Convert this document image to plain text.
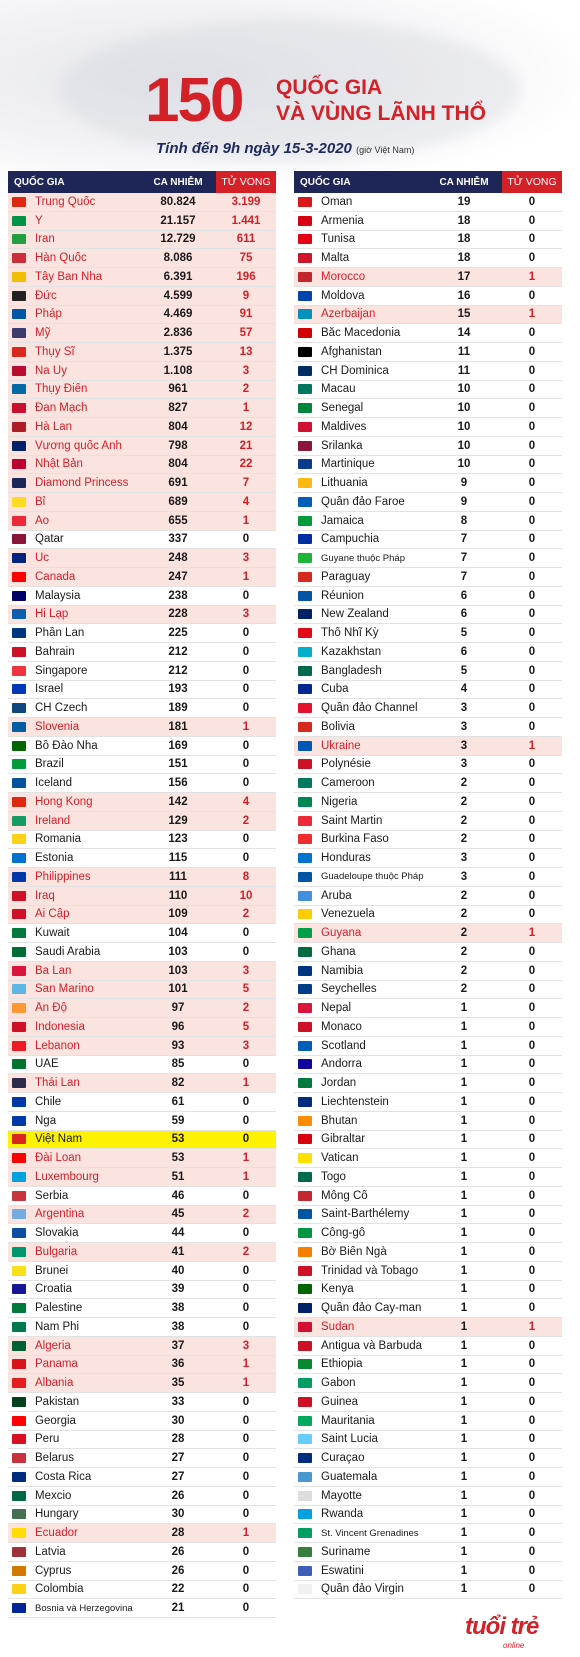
150 QUỐC GIA
VÀ VÙNG LÃNH THỔ
Tính đến 9h ngày 15-3-2020 (giờ Việt Nam)
QUỐC GIA	CA NHIỄM	TỬ VONG
Trung Quốc	80.824	3.199
Ý	21.157	1.441
Iran	12.729	611
Hàn Quốc	8.086	75
Tây Ban Nha	6.391	196
Đức	4.599	9
Pháp	4.469	91
Mỹ	2.836	57
Thụy Sĩ	1.375	13
Na Uy	1.108	3
Thụy Điển	961	2
Đan Mạch	827	1
Hà Lan	804	12
Vương quốc Anh	798	21
Nhật Bản	804	22
Diamond Princess	691	7
Bỉ	689	4
Áo	655	1
Qatar	337	0
Úc	248	3
Canada	247	1
Malaysia	238	0
Hi Lạp	228	3
Phần Lan	225	0
Bahrain	212	0
Singapore	212	0
Israel	193	0
CH Czech	189	0
Slovenia	181	1
Bồ Đào Nha	169	0
Brazil	151	0
Iceland	156	0
Hong Kong	142	4
Ireland	129	2
Romania	123	0
Estonia	115	0
Philippines	111	8
Iraq	110	10
Ai Cập	109	2
Kuwait	104	0
Saudi Arabia	103	0
Ba Lan	103	3
San Marino	101	5
Ấn Độ	97	2
Indonesia	96	5
Lebanon	93	3
UAE	85	0
Thái Lan	82	1
Chile	61	0
Nga	59	0
Việt Nam	53	0
Đài Loan	53	1
Luxembourg	51	1
Serbia	46	0
Argentina	45	2
Slovakia	44	0
Bulgaria	41	2
Brunei	40	0
Croatia	39	0
Palestine	38	0
Nam Phi	38	0
Algeria	37	3
Panama	36	1
Albania	35	1
Pakistan	33	0
Georgia	30	0
Peru	28	0
Belarus	27	0
Costa Rica	27	0
Mexcio	26	0
Hungary	30	0
Ecuador	28	1
Latvia	26	0
Cyprus	26	0
Colombia	22	0
Bosnia và Herzegovina	21	0
QUỐC GIA	CA NHIỄM	TỬ VONG
Oman	19	0
Armenia	18	0
Tunisa	18	0
Malta	18	0
Morocco	17	1
Moldova	16	0
Azerbaijan	15	1
Bắc Macedonia	14	0
Afghanistan	11	0
CH Dominica	11	0
Macau	10	0
Senegal	10	0
Maldives	10	0
Srilanka	10	0
Martinique	10	0
Lithuania	9	0
Quần đảo Faroe	9	0
Jamaica	8	0
Campuchia	7	0
Guyane thuộc Pháp	7	0
Paraguay	7	0
Réunion	6	0
New Zealand	6	0
Thổ Nhĩ Kỳ	5	0
Kazakhstan	6	0
Bangladesh	5	0
Cuba	4	0
Quần đảo Channel	3	0
Bolivia	3	0
Ukraine	3	1
Polynésie	3	0
Cameroon	2	0
Nigeria	2	0
Saint Martin	2	0
Burkina Faso	2	0
Honduras	3	0
Guadeloupe thuộc Pháp	3	0
Aruba	2	0
Venezuela	2	0
Guyana	2	1
Ghana	2	0
Namibia	2	0
Seychelles	2	0
Nepal	1	0
Monaco	1	0
Scotland	1	0
Andorra	1	0
Jordan	1	0
Liechtenstein	1	0
Bhutan	1	0
Gibraltar	1	0
Vatican	1	0
Togo	1	0
Mông Cổ	1	0
Saint-Barthélemy	1	0
Công-gô	1	0
Bờ Biển Ngà	1	0
Trinidad và Tobago	1	0
Kenya	1	0
Quần đảo Cay-man	1	0
Sudan	1	1
Antigua và Barbuda	1	0
Ethiopia	1	0
Gabon	1	0
Guinea	1	0
Mauritania	1	0
Saint Lucia	1	0
Curaçao	1	0
Guatemala	1	0
Mayotte	1	0
Rwanda	1	0
St. Vincent Grenadines	1	0
Suriname	1	0
Eswatini	1	0
Quần đảo Virgin	1	0
tuổi trẻ
online
